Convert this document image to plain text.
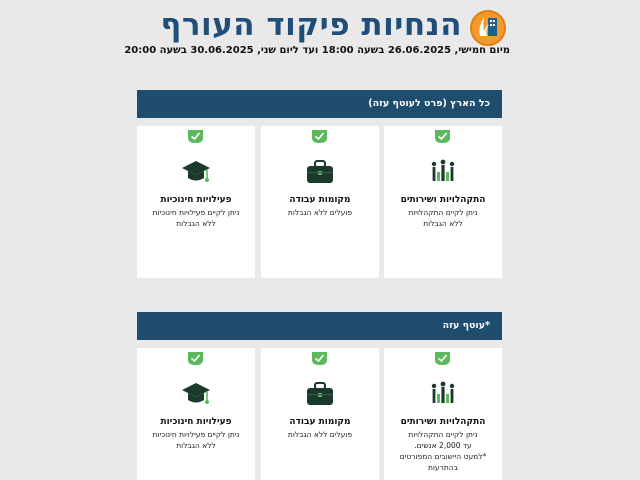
הנחיות פיקוד העורף
מיום חמישי, 26.06.2025 בשעה 18:00 ועד ליום שני, 30.06.2025 בשעה 20:00
כל הארץ (פרט לעוטף עזה)
התקהלויות ושירותים
ניתן לקיים התקהלויות
ללא הגבלות
מקומות עבודה
פועלים ללא הגבלות
פעילויות חינוכיות
ניתן לקיים פעילויות חינוכיות
ללא הגבלות
*עוטף עזה
התקהלויות ושירותים
ניתן לקיים התקהלויות
עד 2,000 אנשים.
*למעט היישובים המפורטים
בהתרעות
מקומות עבודה
פועלים ללא הגבלות
פעילויות חינוכיות
ניתן לקיים פעילויות חינוכיות
ללא הגבלות
